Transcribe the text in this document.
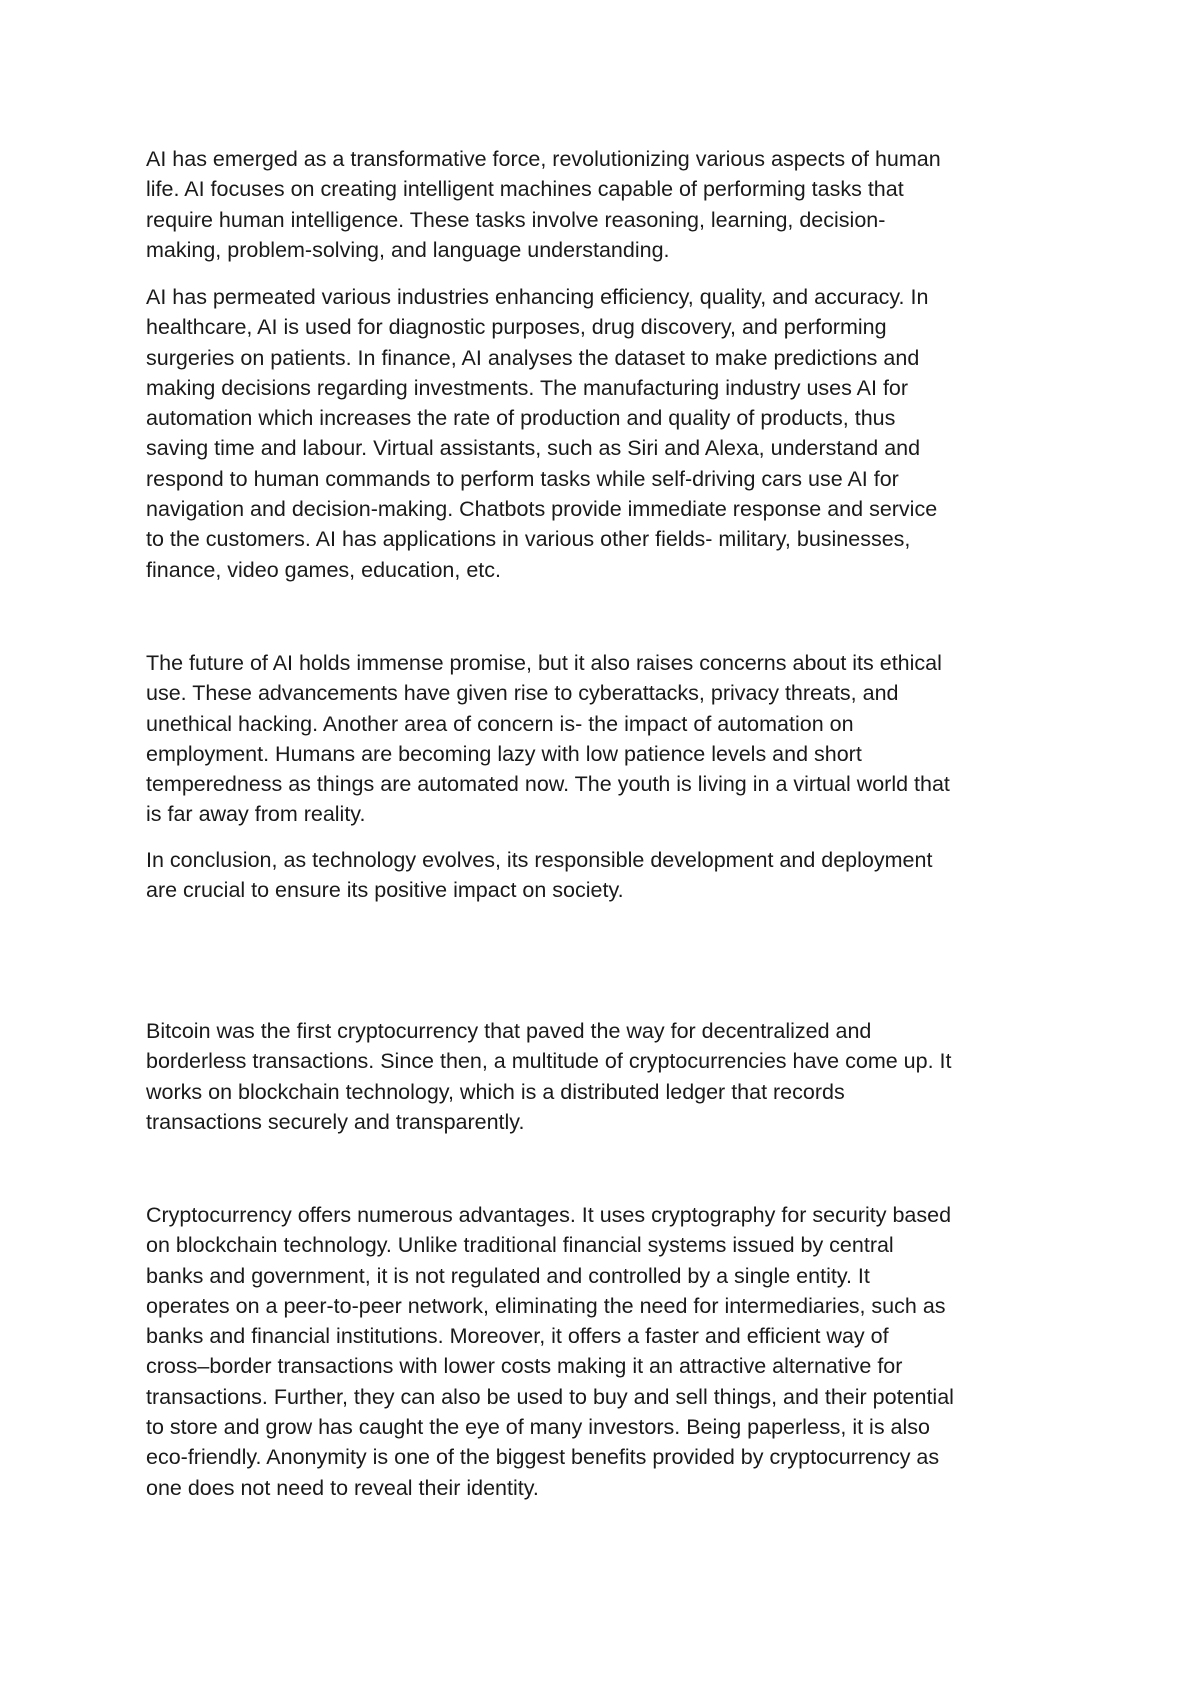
AI has emerged as a transformative force, revolutionizing various aspects of human
life. AI focuses on creating intelligent machines capable of performing tasks that
require human intelligence. These tasks involve reasoning, learning, decision-
making, problem-solving, and language understanding.

AI has permeated various industries enhancing efficiency, quality, and accuracy. In
healthcare, AI is used for diagnostic purposes, drug discovery, and performing
surgeries on patients. In finance, AI analyses the dataset to make predictions and
making decisions regarding investments. The manufacturing industry uses AI for
automation which increases the rate of production and quality of products, thus
saving time and labour. Virtual assistants, such as Siri and Alexa, understand and
respond to human commands to perform tasks while self-driving cars use AI for
navigation and decision-making. Chatbots provide immediate response and service
to the customers. AI has applications in various other fields- military, businesses,
finance, video games, education, etc.

The future of AI holds immense promise, but it also raises concerns about its ethical
use. These advancements have given rise to cyberattacks, privacy threats, and
unethical hacking. Another area of concern is- the impact of automation on
employment. Humans are becoming lazy with low patience levels and short
temperedness as things are automated now. The youth is living in a virtual world that
is far away from reality.

In conclusion, as technology evolves, its responsible development and deployment
are crucial to ensure its positive impact on society.

Bitcoin was the first cryptocurrency that paved the way for decentralized and
borderless transactions. Since then, a multitude of cryptocurrencies have come up. It
works on blockchain technology, which is a distributed ledger that records
transactions securely and transparently.

Cryptocurrency offers numerous advantages. It uses cryptography for security based
on blockchain technology. Unlike traditional financial systems issued by central
banks and government, it is not regulated and controlled by a single entity. It
operates on a peer-to-peer network, eliminating the need for intermediaries, such as
banks and financial institutions. Moreover, it offers a faster and efficient way of
cross–border transactions with lower costs making it an attractive alternative for
transactions. Further, they can also be used to buy and sell things, and their potential
to store and grow has caught the eye of many investors. Being paperless, it is also
eco-friendly. Anonymity is one of the biggest benefits provided by cryptocurrency as
one does not need to reveal their identity.
